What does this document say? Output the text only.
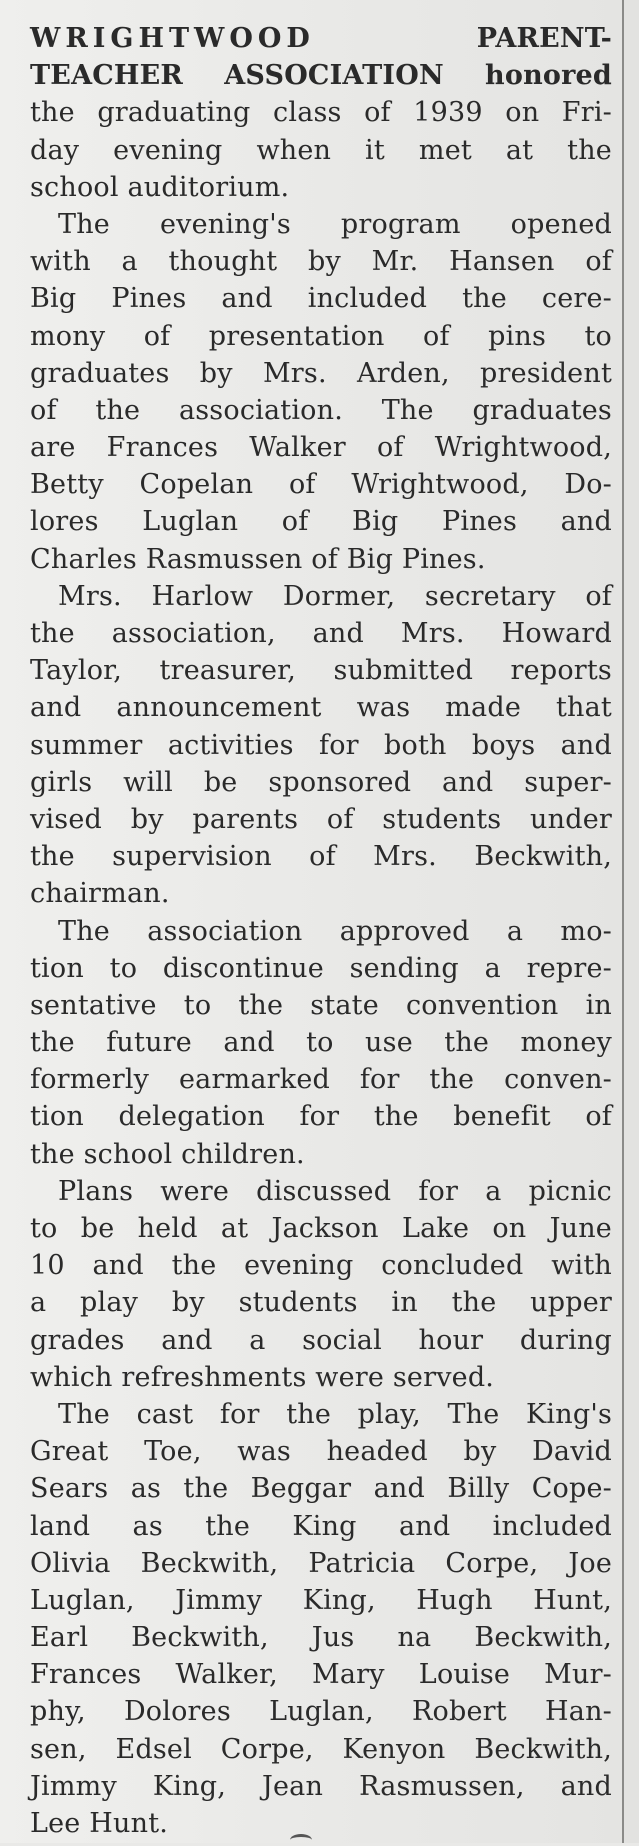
WRIGHTWOOD	PARENT-
TEACHER ASSOCIATION honored
the graduating class of 1939 on Fri-
day evening when it met at the
school auditorium.
The evening's program opened
with a thought by Mr. Hansen of
Big Pines and included the cere-
mony of presentation of pins to
graduates by Mrs. Arden, president
of the association. The graduates
are Frances Walker of Wrightwood,
Betty Copelan of Wrightwood, Do-
lores Luglan of Big Pines and
Charles Rasmussen of Big Pines.
Mrs. Harlow Dormer, secretary of
the association, and Mrs. Howard
Taylor, treasurer, submitted reports
and announcement was made that
summer activities for both boys and
girls will be sponsored and super-
vised by parents of students under
the supervision of Mrs. Beckwith,
chairman.
The association approved a mo-
tion to discontinue sending a repre-
sentative to the state convention in
the future and to use the money
formerly earmarked for the conven-
tion delegation for the benefit of
the school children.
Plans were discussed for a picnic
to be held at Jackson Lake on June
10 and the evening concluded with
a play by students in the upper
grades and a social hour during
which refreshments were served.
The cast for the play, The King's
Great Toe, was headed by David
Sears as the Beggar and Billy Cope-
land as the King and included
Olivia Beckwith, Patricia Corpe, Joe
Luglan, Jimmy King, Hugh Hunt,
Earl Beckwith, Jus na Beckwith,
Frances Walker, Mary Louise Mur-
phy, Dolores Luglan, Robert Han-
sen, Edsel Corpe, Kenyon Beckwith,
Jimmy King, Jean Rasmussen, and
Lee Hunt.
